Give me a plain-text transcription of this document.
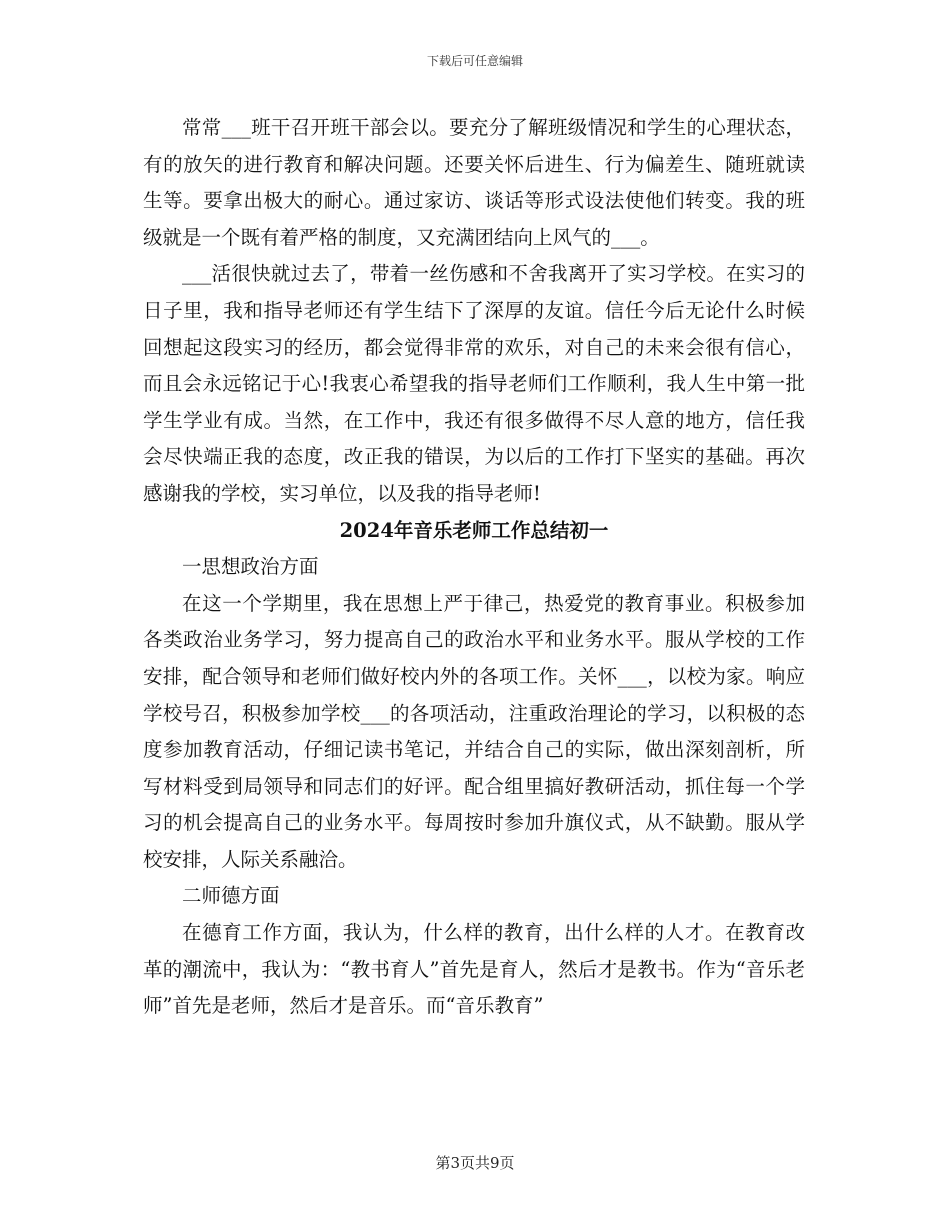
下载后可任意编辑

常常___班干召开班干部会以。要充分了解班级情况和学生的心理状态，有的放矢的进行教育和解决问题。还要关怀后进生、行为偏差生、随班就读生等。要拿出极大的耐心。通过家访、谈话等形式设法使他们转变。我的班级就是一个既有着严格的制度，又充满团结向上风气的___。

___活很快就过去了，带着一丝伤感和不舍我离开了实习学校。在实习的日子里，我和指导老师还有学生结下了深厚的友谊。信任今后无论什么时候回想起这段实习的经历，都会觉得非常的欢乐，对自己的未来会很有信心，而且会永远铭记于心!我衷心希望我的指导老师们工作顺利，我人生中第一批学生学业有成。当然，在工作中，我还有很多做得不尽人意的地方，信任我会尽快端正我的态度，改正我的错误，为以后的工作打下坚实的基础。再次感谢我的学校，实习单位，以及我的指导老师!

2024年音乐老师工作总结初一

一思想政治方面

在这一个学期里，我在思想上严于律己，热爱党的教育事业。积极参加各类政治业务学习，努力提高自己的政治水平和业务水平。服从学校的工作安排，配合领导和老师们做好校内外的各项工作。关怀___，以校为家。响应学校号召，积极参加学校___的各项活动，注重政治理论的学习，以积极的态度参加教育活动，仔细记读书笔记，并结合自己的实际，做出深刻剖析，所写材料受到局领导和同志们的好评。配合组里搞好教研活动，抓住每一个学习的机会提高自己的业务水平。每周按时参加升旗仪式，从不缺勤。服从学校安排，人际关系融洽。

二师德方面

在德育工作方面，我认为，什么样的教育，出什么样的人才。在教育改革的潮流中，我认为：“教书育人”首先是育人，然后才是教书。作为“音乐老师”首先是老师，然后才是音乐。而“音乐教育”

第3页共9页
